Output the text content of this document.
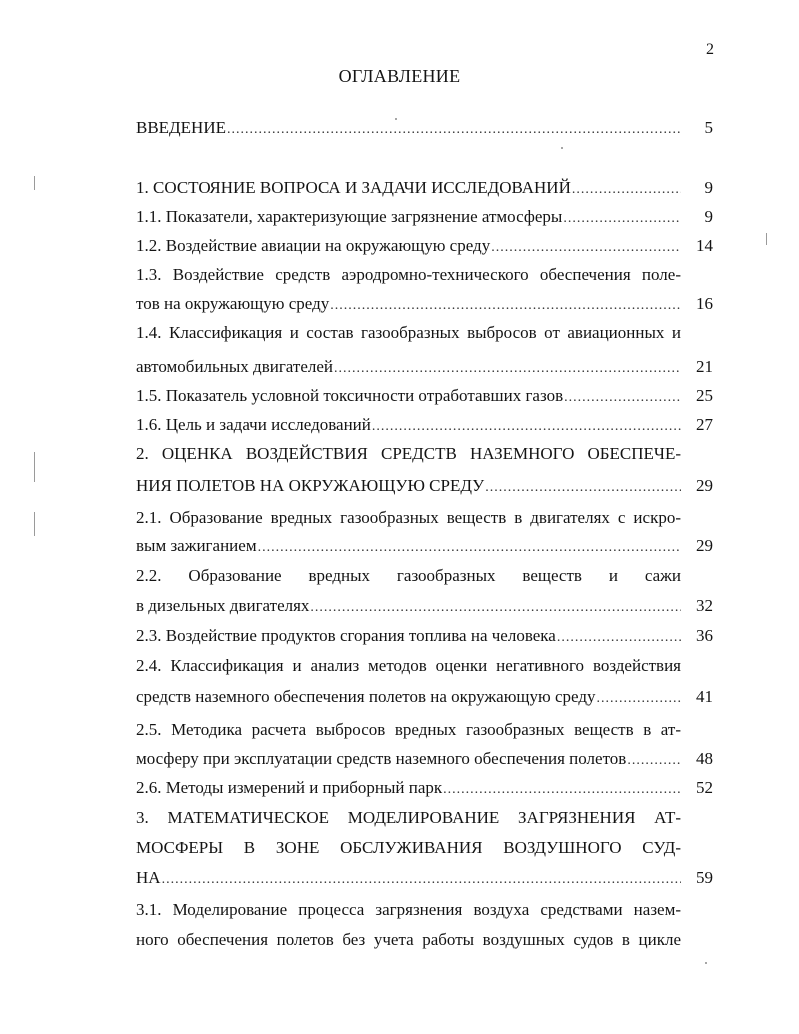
2
ОГЛАВЛЕНИЕ
5
ВВЕДЕНИЕ
.....
9
1. СОСТОЯНИЕ ВОПРОСА И ЗАДАЧИ ИССЛЕДОВАНИЙ
.....
9
1.1. Показатели, характеризующие загрязнение атмосферы
.....
14
1.2. Воздействие авиации на окружающую среду
.....
1.3. Воздействие средств аэродромно-технического обеспечения поле-
16
тов на окружающую среду
.....
1.4. Классификация и состав газообразных выбросов от авиационных и
21
автомобильных двигателей
.....
25
1.5. Показатель условной токсичности отработавших газов
.....
27
1.6. Цель и задачи исследований
.....
2. ОЦЕНКА ВОЗДЕЙСТВИЯ СРЕДСТВ НАЗЕМНОГО ОБЕСПЕЧЕ-
29
НИЯ ПОЛЕТОВ НА ОКРУЖАЮЩУЮ СРЕДУ
.....
2.1. Образование вредных газообразных веществ в двигателях с искро-
29
вым зажиганием
.....
2.2. Образование вредных газообразных веществ и сажи
32
в дизельных двигателях
.....
36
2.3. Воздействие продуктов сгорания топлива на человека
.....
2.4. Классификация и анализ методов оценки негативного воздействия
41
средств наземного обеспечения полетов на окружающую среду
.....
2.5. Методика расчета выбросов вредных газообразных веществ в ат-
48
мосферу при эксплуатации средств наземного обеспечения полетов
.....
52
2.6. Методы измерений и приборный парк
.....
3. МАТЕМАТИЧЕСКОЕ МОДЕЛИРОВАНИЕ ЗАГРЯЗНЕНИЯ АТ-
МОСФЕРЫ В ЗОНЕ ОБСЛУЖИВАНИЯ ВОЗДУШНОГО СУД-
59
НА
.....
3.1. Моделирование процесса загрязнения воздуха средствами назем-
ного обеспечения полетов без учета работы воздушных судов в цикле
